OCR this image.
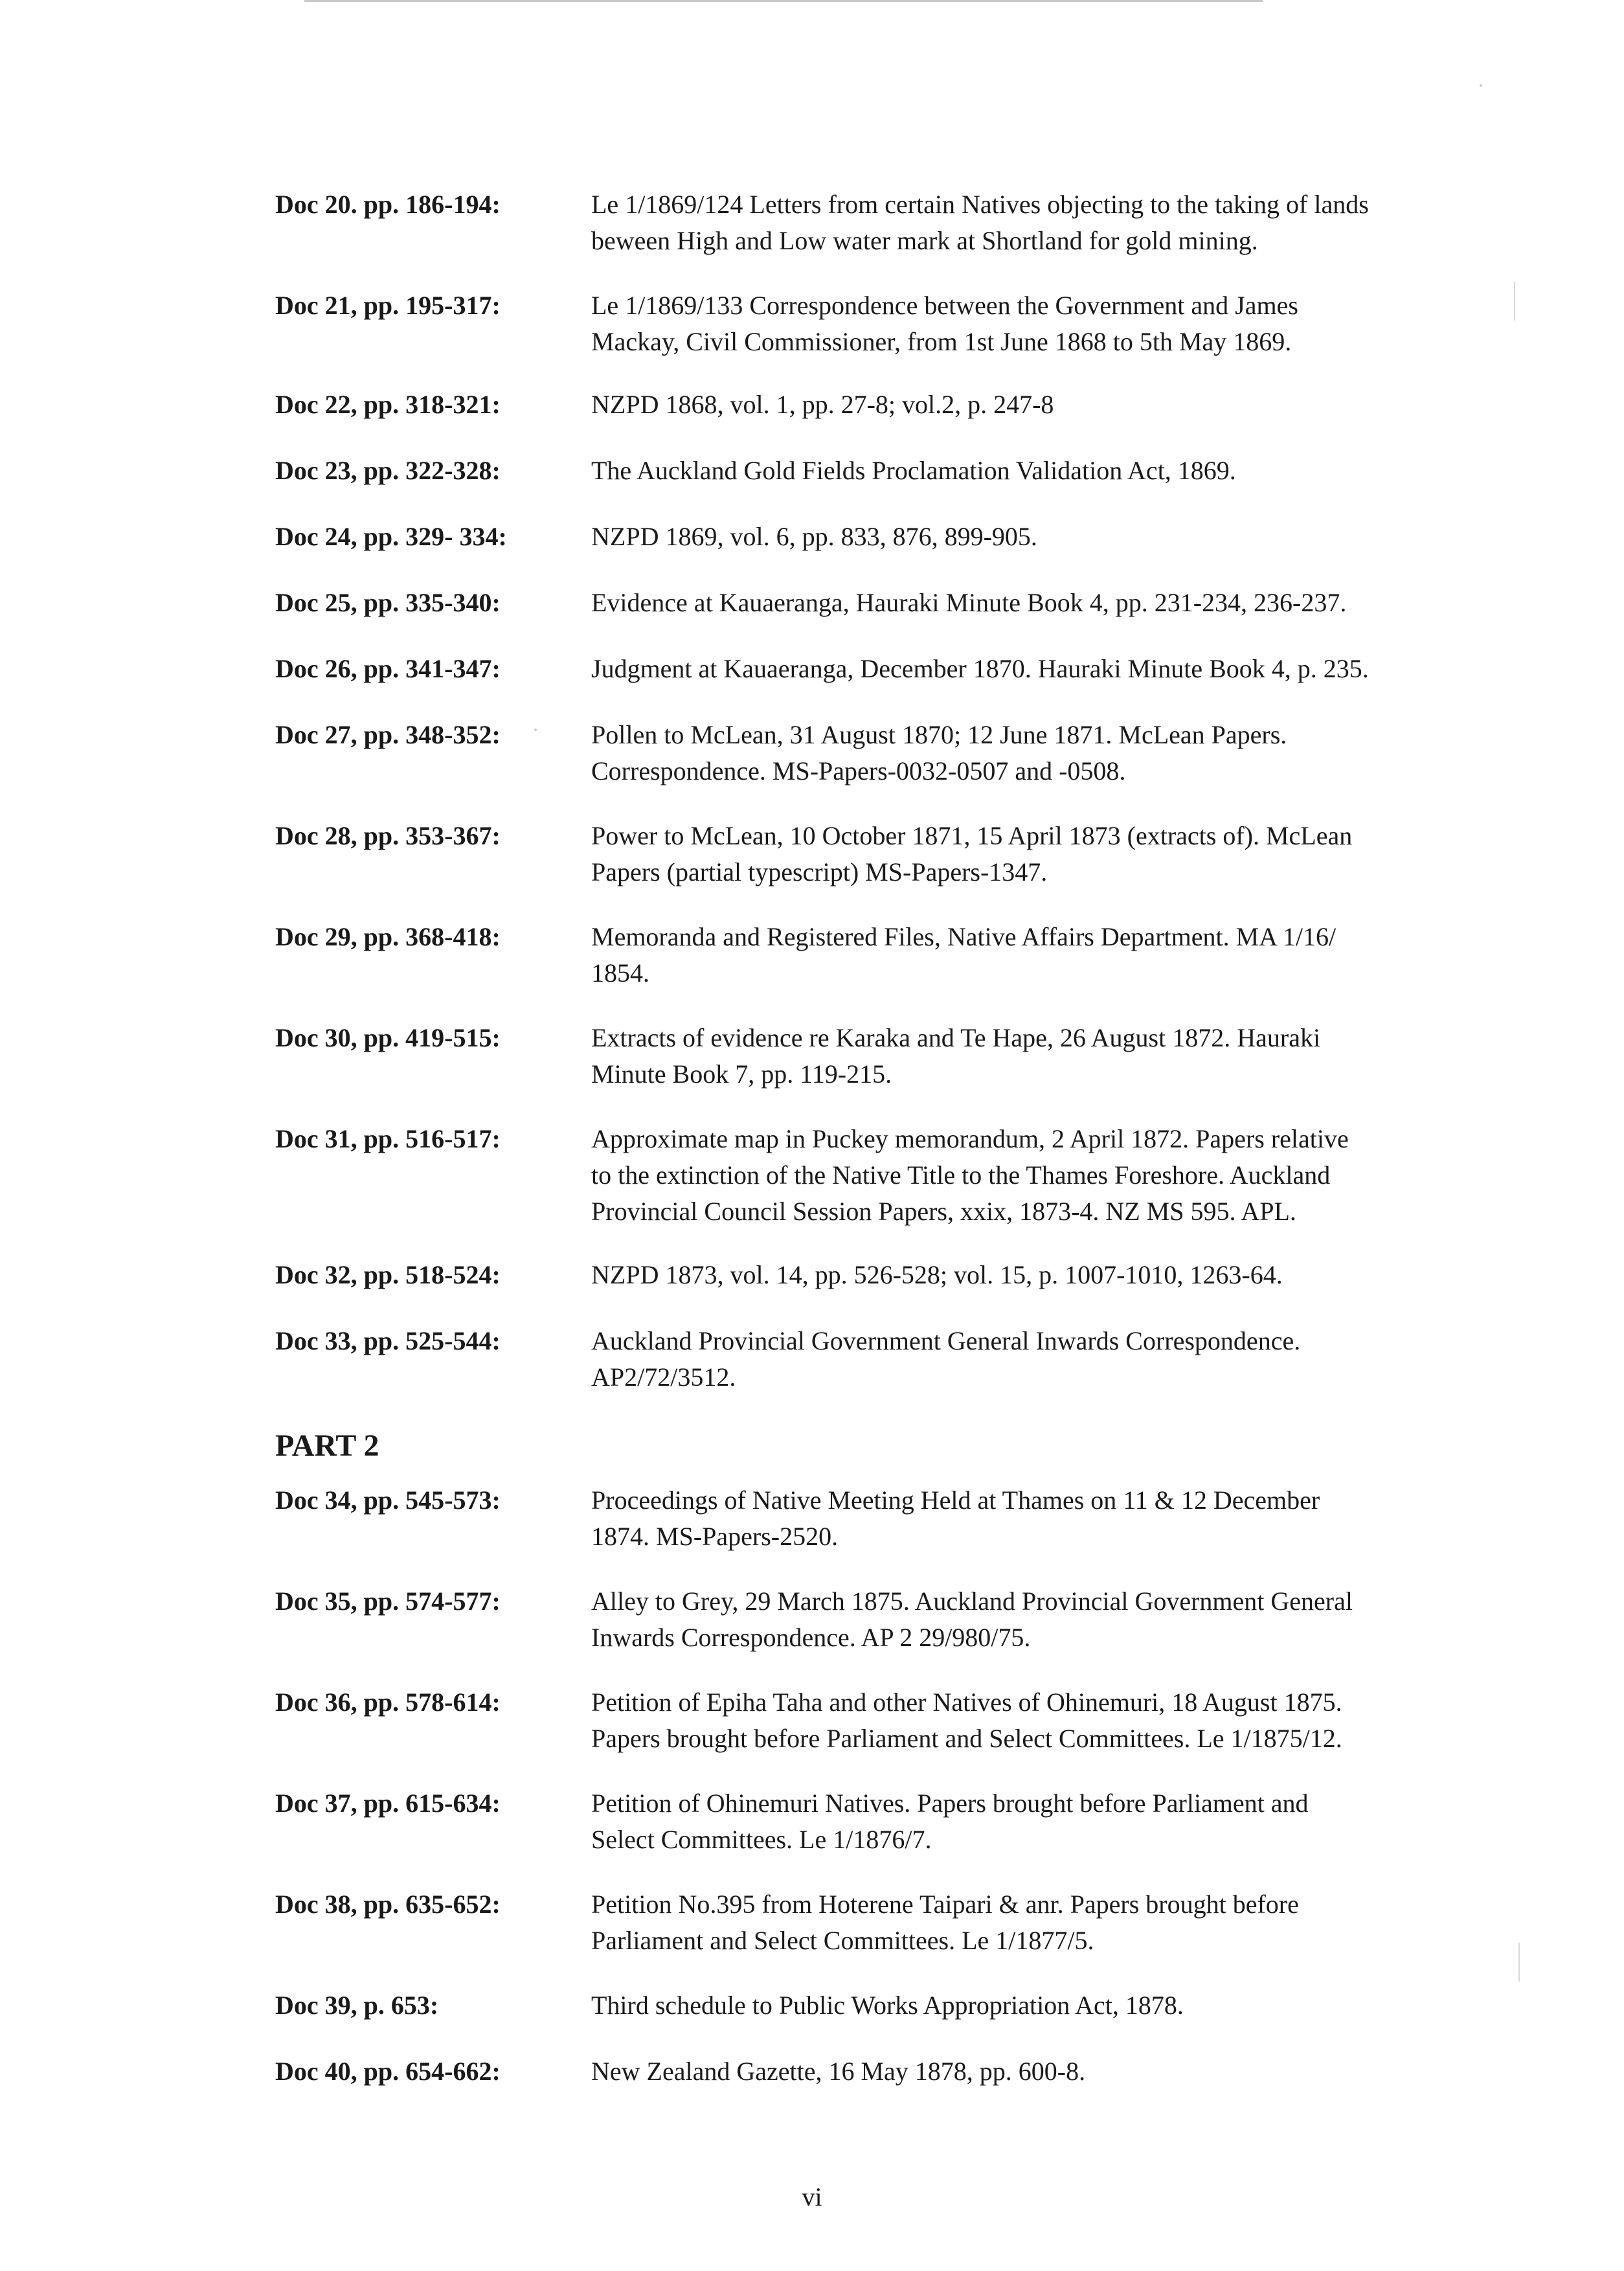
Doc 20. pp. 186-194:	Le 1/1869/124 Letters from certain Natives objecting to the taking of lands
beween High and Low water mark at Shortland for gold mining.
Doc 21, pp. 195-317:	Le 1/1869/133 Correspondence between the Government and James
Mackay, Civil Commissioner, from 1st June 1868 to 5th May 1869.
Doc 22, pp. 318-321:	NZPD 1868, vol. 1, pp. 27-8; vol.2, p. 247-8
Doc 23, pp. 322-328:	The Auckland Gold Fields Proclamation Validation Act, 1869.
Doc 24, pp. 329- 334:	NZPD 1869, vol. 6, pp. 833, 876, 899-905.
Doc 25, pp. 335-340:	Evidence at Kauaeranga, Hauraki Minute Book 4, pp. 231-234, 236-237.
Doc 26, pp. 341-347:	Judgment at Kauaeranga, December 1870. Hauraki Minute Book 4, p. 235.
Doc 27, pp. 348-352:	Pollen to McLean, 31 August 1870; 12 June 1871. McLean Papers.
Correspondence. MS-Papers-0032-0507 and -0508.
Doc 28, pp. 353-367:	Power to McLean, 10 October 1871, 15 April 1873 (extracts of). McLean
Papers (partial typescript) MS-Papers-1347.
Doc 29, pp. 368-418:	Memoranda and Registered Files, Native Affairs Department. MA 1/16/
1854.
Doc 30, pp. 419-515:	Extracts of evidence re Karaka and Te Hape, 26 August 1872. Hauraki
Minute Book 7, pp. 119-215.
Doc 31, pp. 516-517:	Approximate map in Puckey memorandum, 2 April 1872. Papers relative
to the extinction of the Native Title to the Thames Foreshore. Auckland
Provincial Council Session Papers, xxix, 1873-4. NZ MS 595. APL.
Doc 32, pp. 518-524:	NZPD 1873, vol. 14, pp. 526-528; vol. 15, p. 1007-1010, 1263-64.
Doc 33, pp. 525-544:	Auckland Provincial Government General Inwards Correspondence.
AP2/72/3512.
Doc 34, pp. 545-573:	Proceedings of Native Meeting Held at Thames on 11 & 12 December
1874. MS-Papers-2520.
Doc 35, pp. 574-577:	Alley to Grey, 29 March 1875. Auckland Provincial Government General
Inwards Correspondence. AP 2 29/980/75.
Doc 36, pp. 578-614:	Petition of Epiha Taha and other Natives of Ohinemuri, 18 August 1875.
Papers brought before Parliament and Select Committees. Le 1/1875/12.
Doc 37, pp. 615-634:	Petition of Ohinemuri Natives. Papers brought before Parliament and
Select Committees. Le 1/1876/7.
Doc 38, pp. 635-652:	Petition No.395 from Hoterene Taipari & anr. Papers brought before
Parliament and Select Committees. Le 1/1877/5.
Doc 39, p. 653:	Third schedule to Public Works Appropriation Act, 1878.
Doc 40, pp. 654-662:	New Zealand Gazette, 16 May 1878, pp. 600-8.
PART 2
vi
